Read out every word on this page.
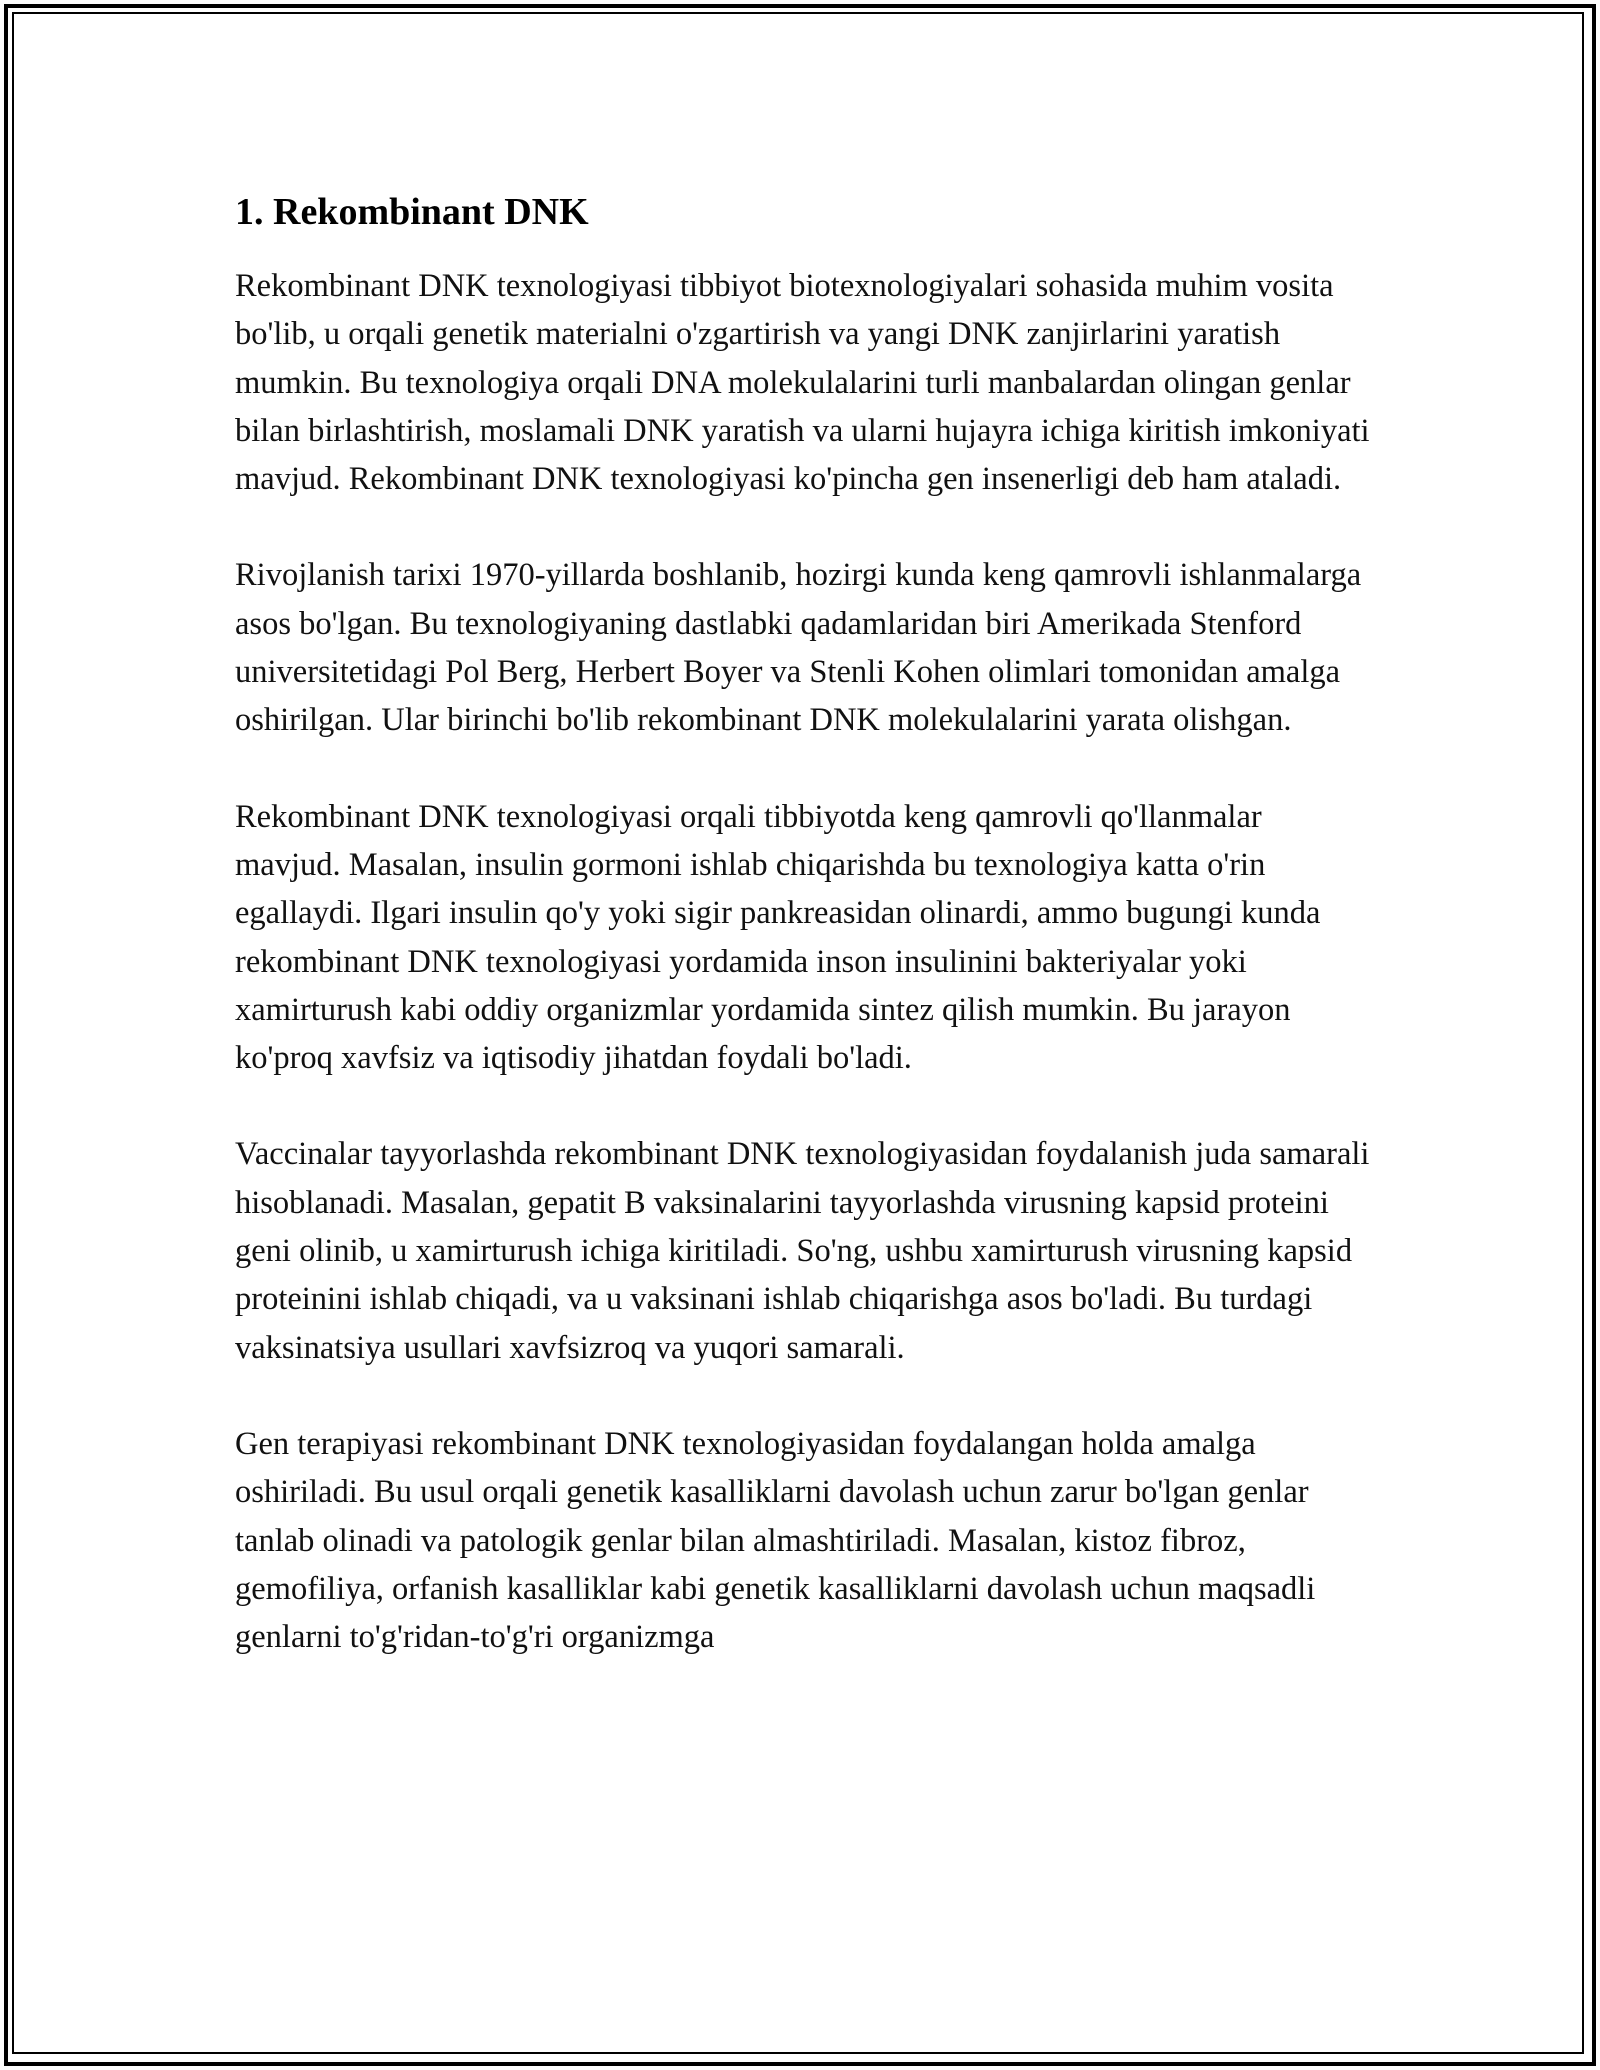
1. Rekombinant DNK

Rekombinant DNK texnologiyasi tibbiyot biotexnologiyalari sohasida muhim vosita bo'lib, u orqali genetik materialni o'zgartirish va yangi DNK zanjirlarini yaratish mumkin. Bu texnologiya orqali DNA molekulalarini turli manbalardan olingan genlar bilan birlashtirish, moslamali DNK yaratish va ularni hujayra ichiga kiritish imkoniyati mavjud. Rekombinant DNK texnologiyasi ko'pincha gen insenerligi deb ham ataladi.

Rivojlanish tarixi 1970-yillarda boshlanib, hozirgi kunda keng qamrovli ishlanmalarga asos bo'lgan. Bu texnologiyaning dastlabki qadamlaridan biri Amerikada Stenford universitetidagi Pol Berg, Herbert Boyer va Stenli Kohen olimlari tomonidan amalga oshirilgan. Ular birinchi bo'lib rekombinant DNK molekulalarini yarata olishgan.

Rekombinant DNK texnologiyasi orqali tibbiyotda keng qamrovli qo'llanmalar mavjud. Masalan, insulin gormoni ishlab chiqarishda bu texnologiya katta o'rin egallaydi. Ilgari insulin qo'y yoki sigir pankreasidan olinardi, ammo bugungi kunda rekombinant DNK texnologiyasi yordamida inson insulinini bakteriyalar yoki xamirturush kabi oddiy organizmlar yordamida sintez qilish mumkin. Bu jarayon ko'proq xavfsiz va iqtisodiy jihatdan foydali bo'ladi.

Vaccinalar tayyorlashda rekombinant DNK texnologiyasidan foydalanish juda samarali hisoblanadi. Masalan, gepatit B vaksinalarini tayyorlashda virusning kapsid proteini geni olinib, u xamirturush ichiga kiritiladi. So'ng, ushbu xamirturush virusning kapsid proteinini ishlab chiqadi, va u vaksinani ishlab chiqarishga asos bo'ladi. Bu turdagi vaksinatsiya usullari xavfsizroq va yuqori samarali.

Gen terapiyasi rekombinant DNK texnologiyasidan foydalangan holda amalga oshiriladi. Bu usul orqali genetik kasalliklarni davolash uchun zarur bo'lgan genlar tanlab olinadi va patologik genlar bilan almashtiriladi. Masalan, kistoz fibroz, gemofiliya, orfanish kasalliklar kabi genetik kasalliklarni davolash uchun maqsadli genlarni to'g'ridan-to'g'ri organizmga
